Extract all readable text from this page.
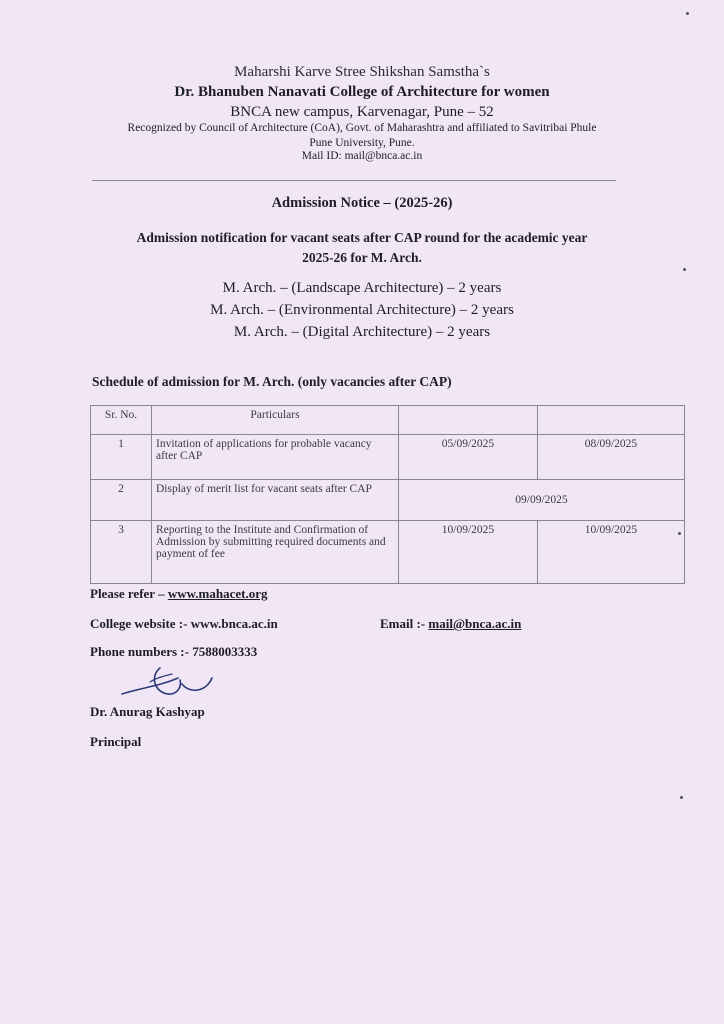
Maharshi Karve Stree Shikshan Samstha`s
Dr. Bhanuben Nanavati College of Architecture for women
BNCA new campus, Karvenagar, Pune – 52
Recognized by Council of Architecture (CoA), Govt. of Maharashtra and affiliated to Savitribai Phule
Pune University, Pune.
Mail ID: mail@bnca.ac.in
Admission Notice – (2025-26)
Admission notification for vacant seats after CAP round for the academic year
2025-26 for M. Arch.
M. Arch. – (Landscape Architecture) – 2 years
M. Arch. – (Environmental Architecture) – 2 years
M. Arch. – (Digital Architecture) – 2 years
Schedule of admission for M. Arch. (only vacancies after CAP)
Sr. No.	Particulars		
1	Invitation of applications for probable vacancy after CAP	05/09/2025	08/09/2025
2	Display of merit list for vacant seats after CAP	09/09/2025	
3	Reporting to the Institute and Confirmation of Admission by submitting required documents and payment of fee	10/09/2025	10/09/2025
Please refer – www.mahacet.org
College website :- www.bnca.ac.in	Email :- mail@bnca.ac.in
Phone numbers :- 7588003333
Dr. Anurag Kashyap
Principal
